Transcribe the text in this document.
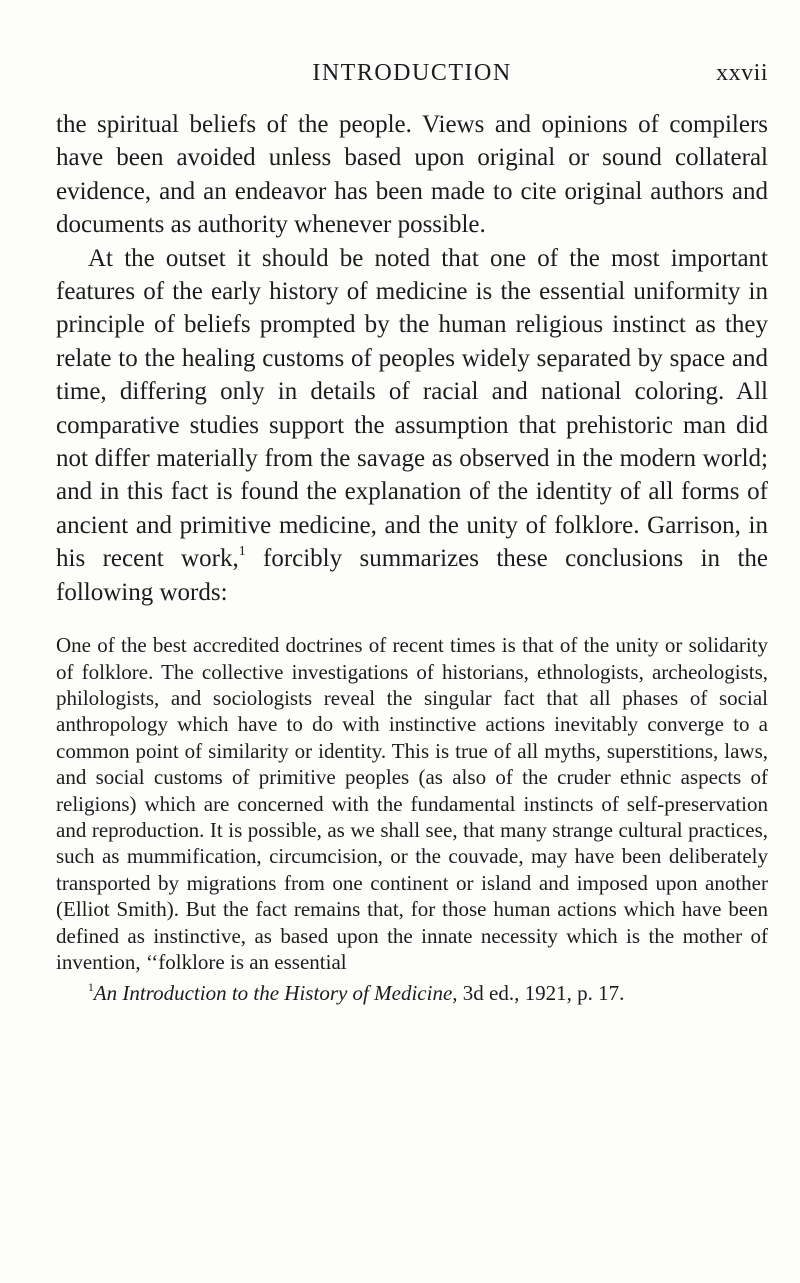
INTRODUCTION	xxvii

the spiritual beliefs of the people. Views and opinions of compilers have been avoided unless based upon original or sound collateral evidence, and an endeavor has been made to cite original authors and documents as authority whenever possible.

At the outset it should be noted that one of the most important features of the early history of medicine is the essential uniformity in principle of beliefs prompted by the human religious instinct as they relate to the healing customs of peoples widely separated by space and time, differing only in details of racial and national coloring. All comparative studies support the assumption that prehistoric man did not differ materially from the savage as observed in the modern world; and in this fact is found the explanation of the identity of all forms of ancient and primitive medicine, and the unity of folklore. Garrison, in his recent work,$^1$ forcibly summarizes these conclusions in the following words:

One of the best accredited doctrines of recent times is that of the unity or solidarity of folklore. The collective investigations of historians, ethnologists, archeologists, philologists, and sociologists reveal the singular fact that all phases of social anthropology which have to do with instinctive actions inevitably converge to a common point of similarity or identity. This is true of all myths, superstitions, laws, and social customs of primitive peoples (as also of the cruder ethnic aspects of religions) which are concerned with the fundamental instincts of self-preservation and reproduction. It is possible, as we shall see, that many strange cultural practices, such as mummification, circumcision, or the couvade, may have been deliberately transported by migrations from one continent or island and imposed upon another (Elliot Smith). But the fact remains that, for those human actions which have been defined as instinctive, as based upon the innate necessity which is the mother of invention, ‘‘folklore is an essential

$^1$An Introduction to the History of Medicine, 3d ed., 1921, p. 17.
